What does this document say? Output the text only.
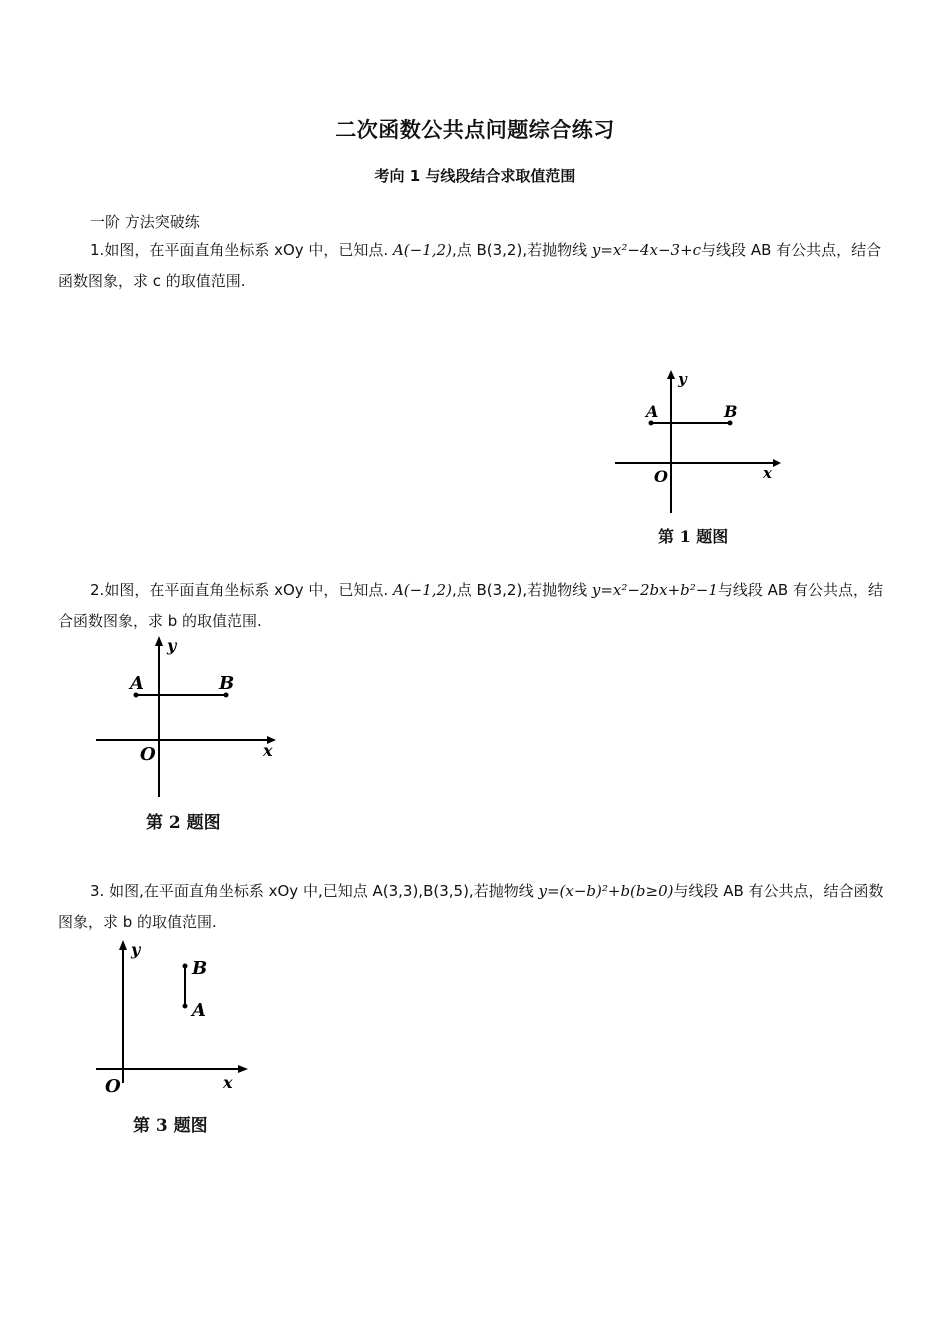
二次函数公共点问题综合练习
考向 1 与线段结合求取值范围
一阶 方法突破练
1.如图，在平面直角坐标系 xOy 中，已知点. A(−1,2),点 B(3,2),若抛物线 y=x²−4x−3+c与线段 AB 有公共点，结合函数图象，求 c 的取值范围.
A	B
O	x
y
第 1 题图
2.如图，在平面直角坐标系 xOy 中，已知点. A(−1,2),点 B(3,2),若抛物线 y=x²−2bx+b²−1与线段 AB 有公共点，结合函数图象，求 b 的取值范围.
A	B
O	x
y
第 2 题图
3. 如图,在平面直角坐标系 xOy 中,已知点 A(3,3),B(3,5),若抛物线 y=(x−b)²+b(b≥0)与线段 AB 有公共点，结合函数图象，求 b 的取值范围.
A
B
O	x
y
第 3 题图
